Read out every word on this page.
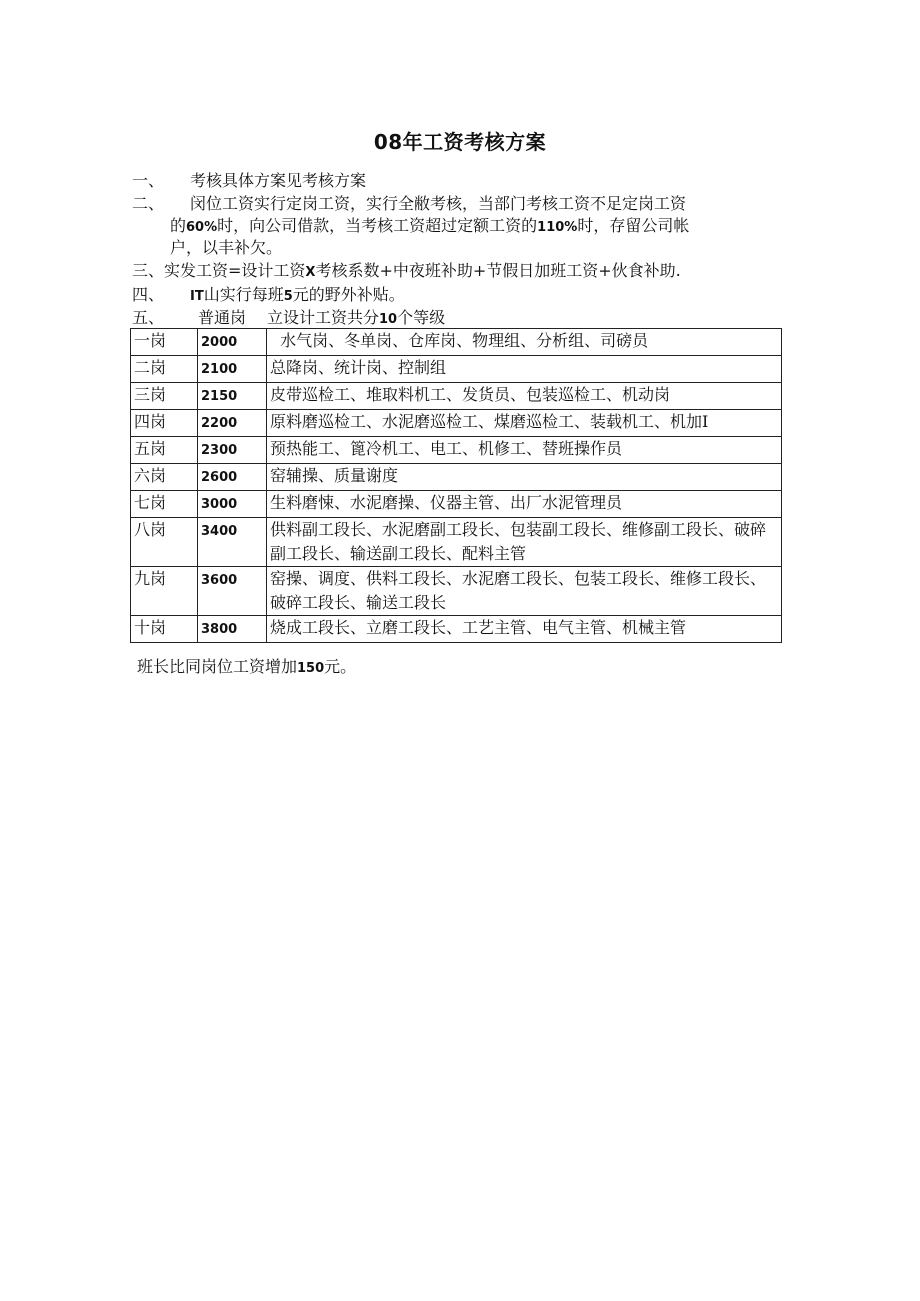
08年工资考核方案
一、 考核具体方案见考核方案
二、 闵位工资实行定岗工资，实行全敝考核，当部门考核工资不足定岗工资
的60%时，向公司借款，当考核工资超过定额工资的110%时，存留公司帐
户，以丰补欠。
三、实发工资=设计工资X考核系数+中夜班补助+节假日加班工资+伙食补助.
四、 IT山实行每班5元的野外补贴。
五、 普通岗 立设计工资共分10个等级
一岗	2000	水气岗、冬单岗、仓库岗、物理组、分析组、司磅员
二岗	2100	总降岗、统计岗、控制组
三岗	2150	皮带巡检工、堆取料机工、发货员、包装巡检工、机动岗
四岗	2200	原料磨巡检工、水泥磨巡检工、煤磨巡检工、装载机工、机加I
五岗	2300	预热能工、篦冷机工、电工、机修工、替班操作员
六岗	2600	窑辅操、质量谢度
七岗	3000	生料磨悚、水泥磨操、仪器主管、出厂水泥管理员
八岗	3400	供料副工段长、水泥磨副工段长、包装副工段长、维修副工段长、破碎副工段长、输送副工段长、配料主管
九岗	3600	窑操、调度、供料工段长、水泥磨工段长、包装工段长、维修工段长、破碎工段长、输送工段长
十岗	3800	烧成工段长、立磨工段长、工艺主管、电气主管、机械主管
班长比同岗位工资增加150元。
